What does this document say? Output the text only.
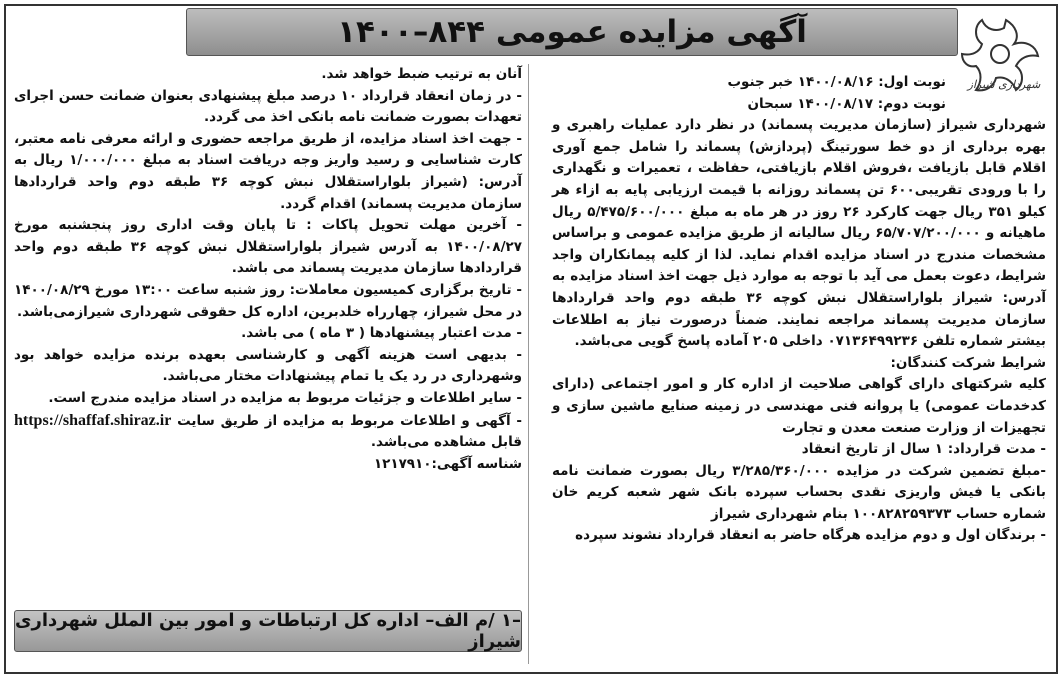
آگهی مزایده عمومی ۸۴۴–۱۴۰۰
شهرداری شیراز

نوبت اول: ۱۴۰۰/۰۸/۱۶ خبر جنوب

نوبت دوم: ۱۴۰۰/۰۸/۱۷ سبحان

شهرداری شیراز (سازمان مدیریت پسماند) در نظر دارد عملیات راهبری و بهره برداری از دو خط سورتینگ (پردازش) پسماند را شامل جمع آوری اقلام قابل بازیافت ،فروش اقلام بازیافتی، حفاظت ، تعمیرات و نگهداری را با ورودی تقریبی۶۰۰ تن پسماند روزانه با قیمت ارزیابی پایه به ازاء هر کیلو ۳۵۱ ریال جهت کارکرد ۲۶ روز در هر ماه به مبلغ ۵/۴۷۵/۶۰۰/۰۰۰ ریال ماهیانه و ۶۵/۷۰۷/۲۰۰/۰۰۰ ریال سالیانه از طریق مزایده عمومی و براساس مشخصات مندرج در اسناد مزایده اقدام نماید. لذا از کلیه پیمانکاران واجد شرایط، دعوت بعمل می آید با توجه به موارد ذیل جهت اخذ اسناد مزایده به آدرس: شیراز بلواراستقلال نبش کوچه ۳۶ طبقه دوم واحد قراردادها سازمان مدیریت پسماند مراجعه نمایند. ضمناً درصورت نیاز به اطلاعات بیشتر شماره تلفن ۰۷۱۳۶۴۹۹۲۳۶ داخلی ۲۰۵ آماده پاسخ گویی می‌باشد.

شرایط شرکت کنندگان:

کلیه شرکتهای دارای گواهی صلاحیت از اداره کار و امور اجتماعی (دارای کدخدمات عمومی) یا پروانه فنی مهندسی در زمینه صنایع ماشین سازی و تجهیزات از وزارت صنعت معدن و تجارت

- مدت قرارداد: ۱ سال از تاریخ انعقاد

-مبلغ تضمین شرکت در مزایده ۳/۲۸۵/۳۶۰/۰۰۰ ریال بصورت ضمانت نامه بانکی یا فیش واریزی نقدی بحساب سپرده بانک شهر شعبه کریم خان شماره حساب ۱۰۰۸۲۸۲۵۹۳۷۳ بنام شهرداری شیراز

- برندگان اول و دوم مزایده هرگاه حاضر به انعقاد قرارداد نشوند سپرده

آنان به ترتیب ضبط خواهد شد.

- در زمان انعقاد قرارداد ۱۰ درصد مبلغ پیشنهادی بعنوان ضمانت حسن اجرای تعهدات بصورت ضمانت نامه بانکی اخذ می گردد.

- جهت اخذ اسناد مزایده، از طریق مراجعه حضوری و ارائه معرفی نامه معتبر، کارت شناسایی و رسید واریز وجه دریافت اسناد به مبلغ ۱/۰۰۰/۰۰۰ ریال به آدرس: (شیراز بلواراستقلال نبش کوچه ۳۶ طبقه دوم واحد قراردادها سازمان مدیریت پسماند) اقدام گردد.

- آخرین مهلت تحویل پاکات : تا پایان وقت اداری روز پنجشنبه مورخ ۱۴۰۰/۰۸/۲۷ به آدرس شیراز بلواراستقلال نبش کوچه ۳۶ طبقه دوم واحد قراردادها سازمان مدیریت پسماند می باشد.

- تاریخ برگزاری کمیسیون معاملات: روز شنبه ساعت ۱۳:۰۰ مورخ ۱۴۰۰/۰۸/۲۹ در محل شیراز، چهارراه خلدبرین، اداره کل حقوقی شهرداری شیرازمی‌باشد.

- مدت اعتبار پیشنهادها ( ۳ ماه ) می باشد.

- بدیهی است هزینه آگهی و کارشناسی بعهده برنده مزایده خواهد بود وشهرداری در رد یک یا تمام پیشنهادات مختار می‌باشد.

- سایر اطلاعات و جزئیات مربوط به مزایده در اسناد مزایده مندرج است.

- آگهی و اطلاعات مربوط به مزایده از طریق سایت https://shaffaf.shiraz.ir قابل مشاهده می‌باشد.

شناسه آگهی:۱۲۱۷۹۱۰

–۱ /م الف– اداره کل ارتباطات و امور بین الملل شهرداری شیراز
